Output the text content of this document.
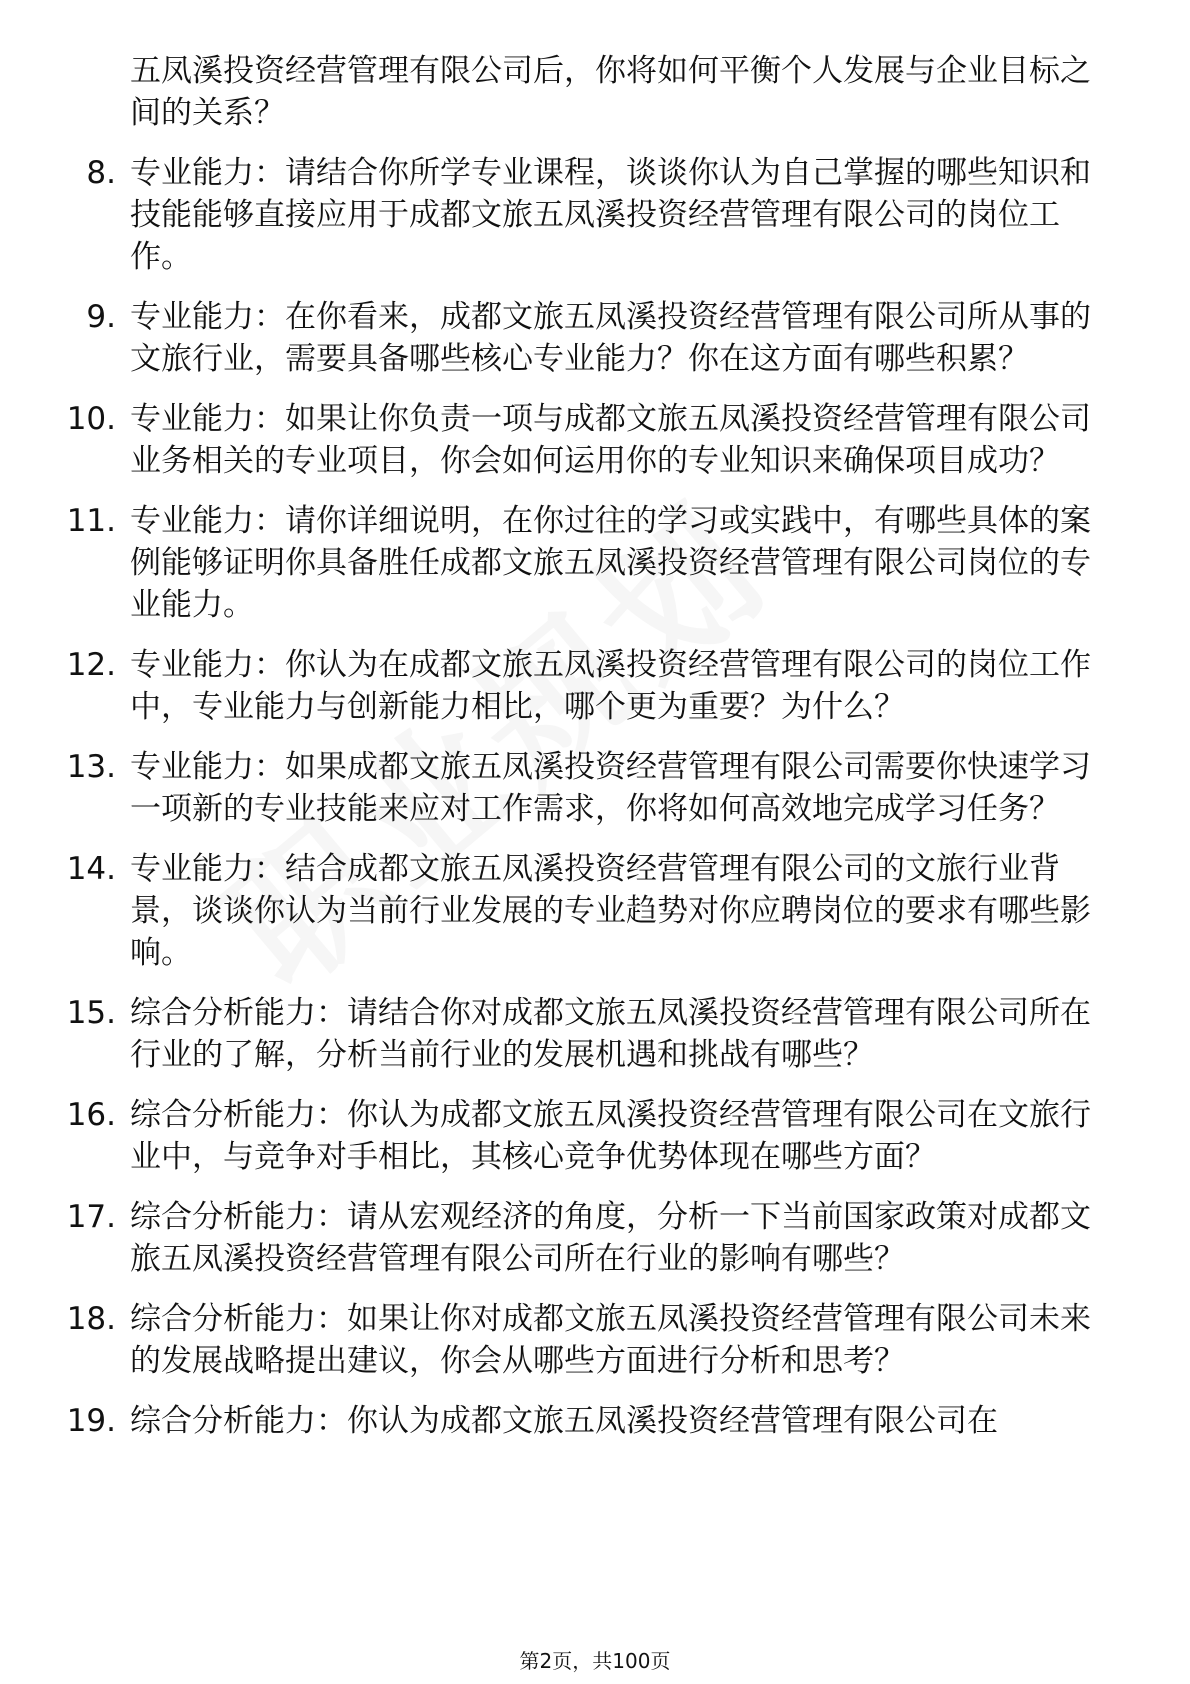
五凤溪投资经营管理有限公司后，你将如何平衡个人发展与企业目标之间的关系？
8. 专业能力：请结合你所学专业课程，谈谈你认为自己掌握的哪些知识和技能能够直接应用于成都文旅五凤溪投资经营管理有限公司的岗位工作。
9. 专业能力：在你看来，成都文旅五凤溪投资经营管理有限公司所从事的文旅行业，需要具备哪些核心专业能力？你在这方面有哪些积累？
10. 专业能力：如果让你负责一项与成都文旅五凤溪投资经营管理有限公司业务相关的专业项目，你会如何运用你的专业知识来确保项目成功？
11. 专业能力：请你详细说明，在你过往的学习或实践中，有哪些具体的案例能够证明你具备胜任成都文旅五凤溪投资经营管理有限公司岗位的专业能力。
12. 专业能力：你认为在成都文旅五凤溪投资经营管理有限公司的岗位工作中，专业能力与创新能力相比，哪个更为重要？为什么？
13. 专业能力：如果成都文旅五凤溪投资经营管理有限公司需要你快速学习一项新的专业技能来应对工作需求，你将如何高效地完成学习任务？
14. 专业能力：结合成都文旅五凤溪投资经营管理有限公司的文旅行业背景，谈谈你认为当前行业发展的专业趋势对你应聘岗位的要求有哪些影响。
15. 综合分析能力：请结合你对成都文旅五凤溪投资经营管理有限公司所在行业的了解，分析当前行业的发展机遇和挑战有哪些？
16. 综合分析能力：你认为成都文旅五凤溪投资经营管理有限公司在文旅行业中，与竞争对手相比，其核心竞争优势体现在哪些方面？
17. 综合分析能力：请从宏观经济的角度，分析一下当前国家政策对成都文旅五凤溪投资经营管理有限公司所在行业的影响有哪些？
18. 综合分析能力：如果让你对成都文旅五凤溪投资经营管理有限公司未来的发展战略提出建议，你会从哪些方面进行分析和思考？
19. 综合分析能力：你认为成都文旅五凤溪投资经营管理有限公司在
第2页，共100页
